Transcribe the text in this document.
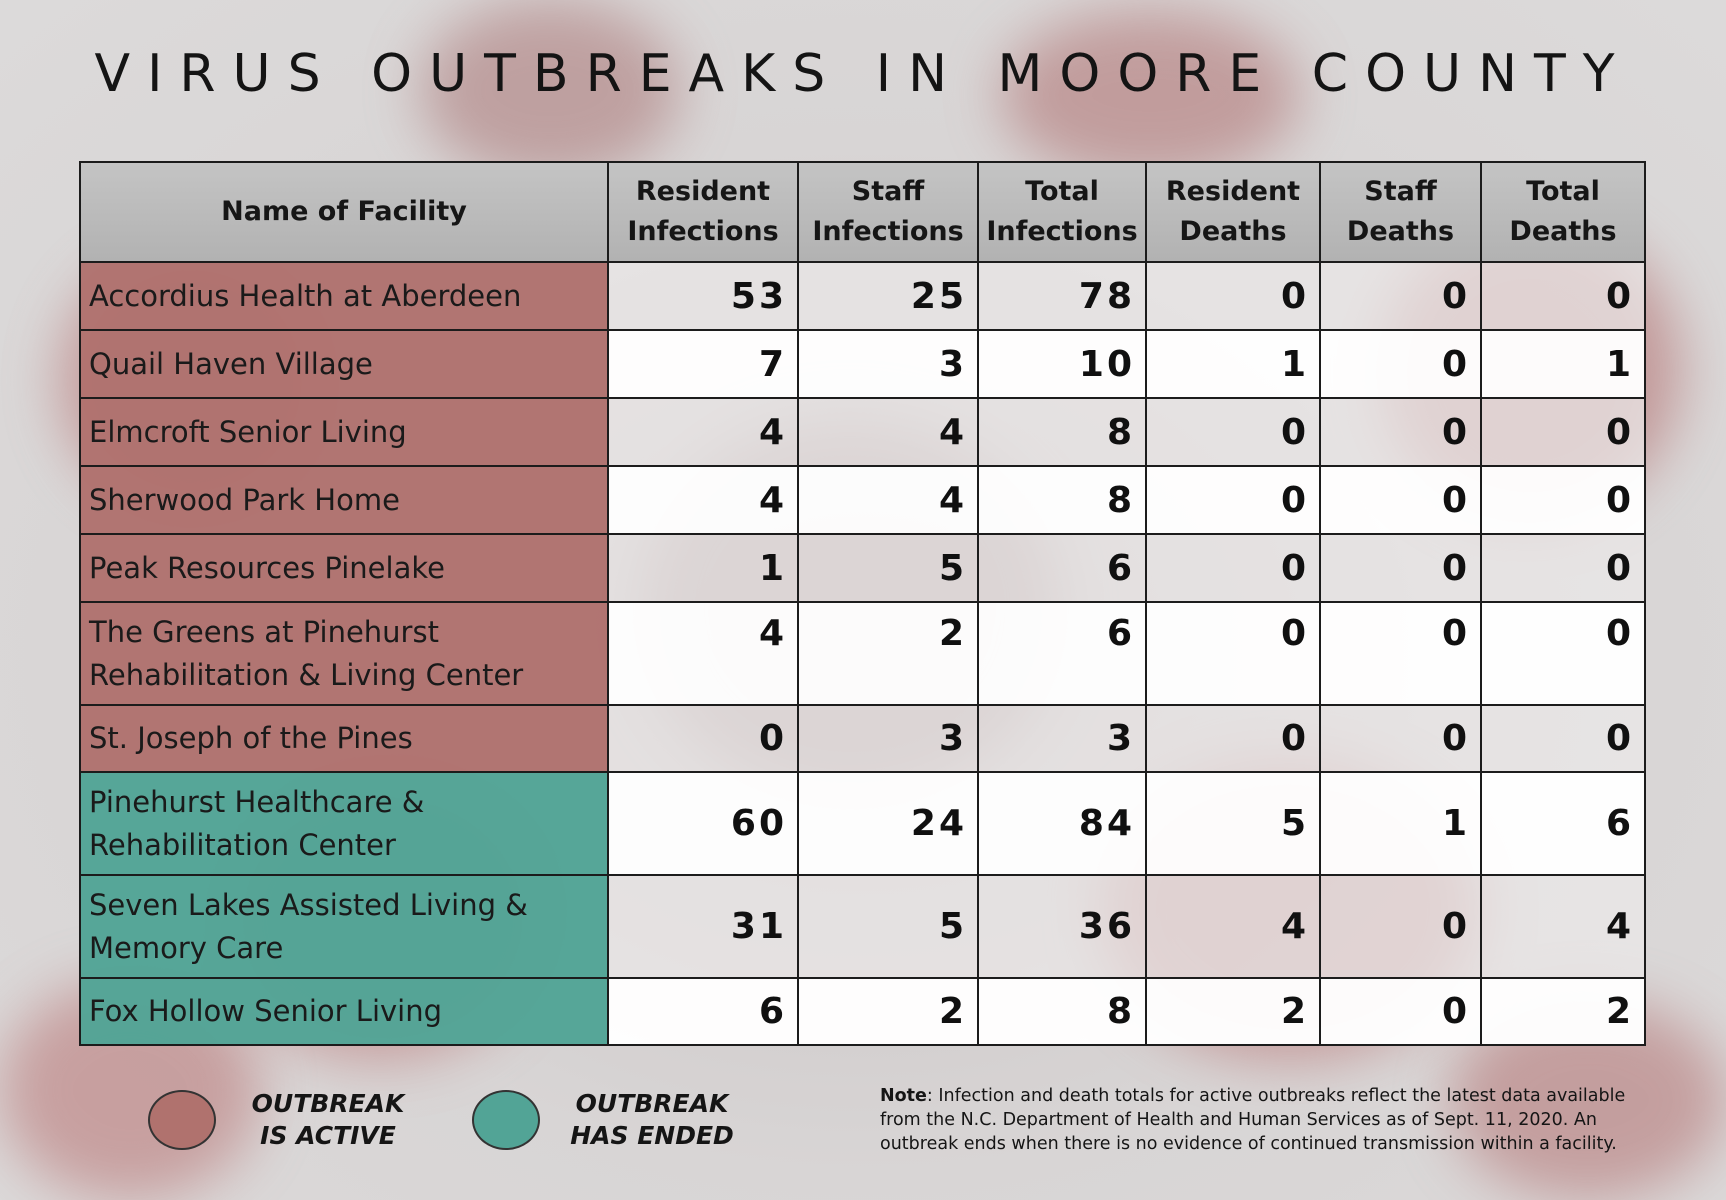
VIRUS OUTBREAKS IN MOORE COUNTY
Name of Facility	Resident Infections	Staff Infections	Total Infections	Resident Deaths	Staff Deaths	Total Deaths
Accordius Health at Aberdeen	53	25	78	0	0	0
Quail Haven Village	7	3	10	1	0	1
Elmcroft Senior Living	4	4	8	0	0	0
Sherwood Park Home	4	4	8	0	0	0
Peak Resources Pinelake	1	5	6	0	0	0
The Greens at Pinehurst Rehabilitation & Living Center	4	2	6	0	0	0
St. Joseph of the Pines	0	3	3	0	0	0
Pinehurst Healthcare & Rehabilitation Center	60	24	84	5	1	6
Seven Lakes Assisted Living & Memory Care	31	5	36	4	0	4
Fox Hollow Senior Living	6	2	8	2	0	2
OUTBREAK
IS ACTIVE
OUTBREAK
HAS ENDED
Note: Infection and death totals for active outbreaks reflect the latest data available from the N.C. Department of Health and Human Services as of Sept. 11, 2020. An outbreak ends when there is no evidence of continued transmission within a facility.
